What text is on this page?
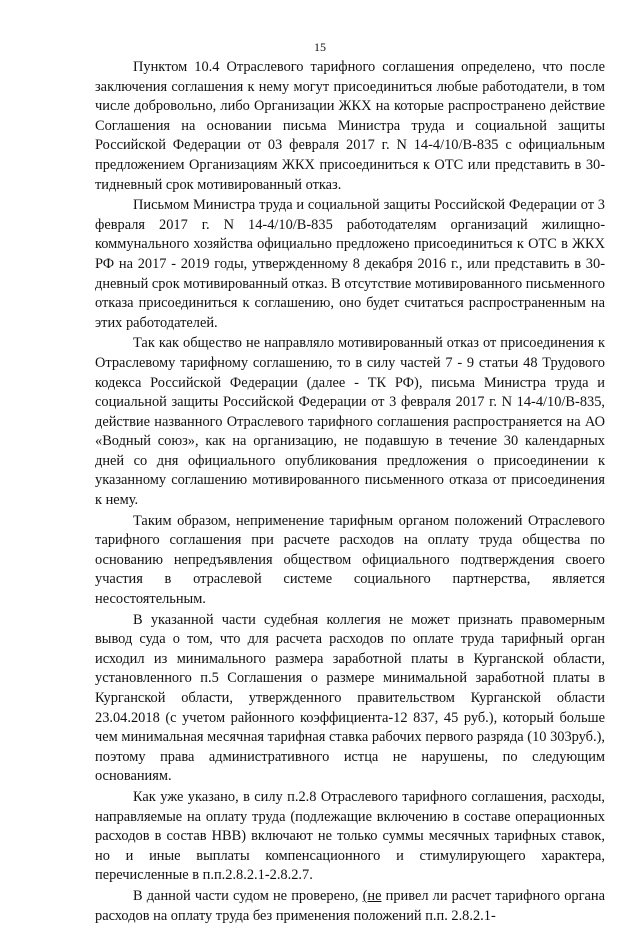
15

Пунктом 10.4 Отраслевого тарифного соглашения определено, что после заключения соглашения к нему могут присоединиться любые работодатели, в том числе добровольно, либо Организации ЖКХ на которые распространено действие Соглашения на основании письма Министра труда и социальной защиты Российской Федерации от 03 февраля 2017 г. N 14-4/10/В-835 с официальным предложением Организациям ЖКХ присоединиться к ОТС или представить в 30-тидневный срок мотивированный отказ.

Письмом Министра труда и социальной защиты Российской Федерации от 3 февраля 2017 г. N 14-4/10/В-835 работодателям организаций жилищно-коммунального хозяйства официально предложено присоединиться к ОТС в ЖКХ РФ на 2017 - 2019 годы, утвержденному 8 декабря 2016 г., или представить в 30-дневный срок мотивированный отказ. В отсутствие мотивированного письменного отказа присоединиться к соглашению, оно будет считаться распространенным на этих работодателей.

Так как общество не направляло мотивированный отказ от присоединения к Отраслевому тарифному соглашению, то в силу частей 7 - 9 статьи 48 Трудового кодекса Российской Федерации (далее - ТК РФ), письма Министра труда и социальной защиты Российской Федерации от 3 февраля 2017 г. N 14-4/10/В-835, действие названного Отраслевого тарифного соглашения распространяется на АО «Водный союз», как на организацию, не подавшую в течение 30 календарных дней со дня официального опубликования предложения о присоединении к указанному соглашению мотивированного письменного отказа от присоединения к нему.

Таким образом, неприменение тарифным органом положений Отраслевого тарифного соглашения при расчете расходов на оплату труда общества по основанию непредъявления обществом официального подтверждения своего участия в отраслевой системе социального партнерства, является несостоятельным.

В указанной части судебная коллегия не может признать правомерным вывод суда о том, что для расчета расходов по оплате труда тарифный орган исходил из минимального размера заработной платы в Курганской области, установленного п.5 Соглашения о размере минимальной заработной платы в Курганской области, утвержденного правительством Курганской области 23.04.2018 (с учетом районного коэффициента-12 837, 45 руб.), который больше чем минимальная месячная тарифная ставка рабочих первого разряда (10 303руб.), поэтому права административного истца не нарушены, по следующим основаниям.

Как уже указано, в силу п.2.8 Отраслевого тарифного соглашения, расходы, направляемые на оплату труда (подлежащие включению в составе операционных расходов в состав НВВ) включают не только суммы месячных тарифных ставок, но и иные выплаты компенсационного и стимулирующего характера, перечисленные в п.п.2.8.2.1-2.8.2.7.

В данной части судом не проверено, (не привел ли расчет тарифного органа расходов на оплату труда без применения положений п.п. 2.8.2.1-
